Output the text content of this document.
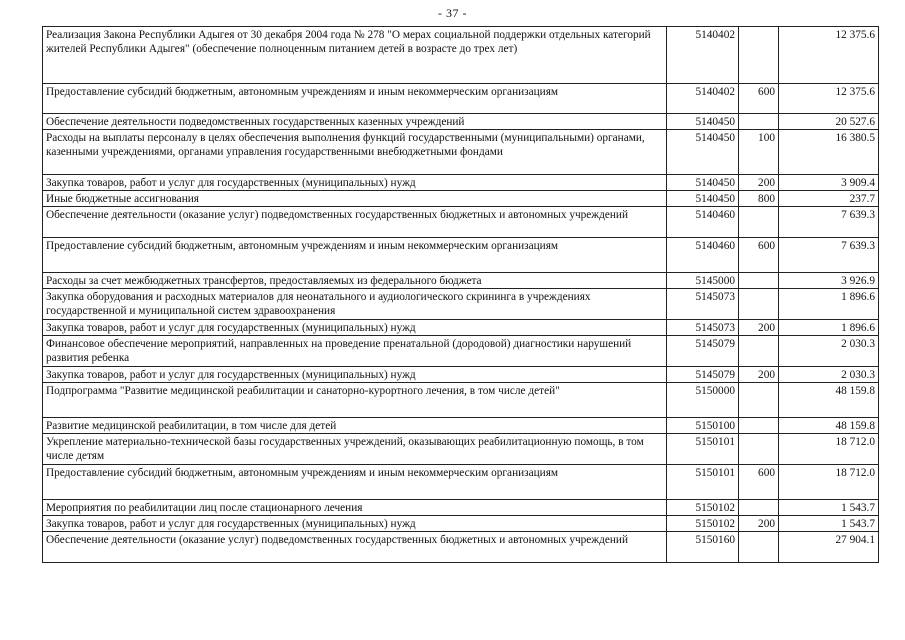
- 37 -
Реализация Закона Республики Адыгея от 30 декабря 2004 года № 278 "О мерах социальной поддержки отдельных категорий жителей Республики Адыгея" (обеспечение полноценным питанием детей в возрасте до трех лет)	5140402		12 375.6
Предоставление субсидий бюджетным, автономным учреждениям и иным некоммерческим организациям	5140402	600	12 375.6
Обеспечение деятельности подведомственных государственных казенных учреждений	5140450		20 527.6
Расходы на выплаты персоналу в целях обеспечения выполнения функций государственными (муниципальными) органами, казенными учреждениями, органами управления государственными внебюджетными фондами	5140450	100	16 380.5
Закупка товаров, работ и услуг для государственных (муниципальных) нужд	5140450	200	3 909.4
Иные бюджетные ассигнования	5140450	800	237.7
Обеспечение деятельности (оказание услуг) подведомственных государственных бюджетных и автономных учреждений	5140460		7 639.3
Предоставление субсидий бюджетным, автономным учреждениям и иным некоммерческим организациям	5140460	600	7 639.3
Расходы за счет межбюджетных трансфертов, предоставляемых из федерального бюджета	5145000		3 926.9
Закупка оборудования и расходных материалов для неонатального и аудиологического скрининга в учреждениях государственной и муниципальной систем здравоохранения	5145073		1 896.6
Закупка товаров, работ и услуг для государственных (муниципальных) нужд	5145073	200	1 896.6
Финансовое обеспечение мероприятий, направленных на проведение пренатальной (дородовой) диагностики нарушений развития ребенка	5145079		2 030.3
Закупка товаров, работ и услуг для государственных (муниципальных) нужд	5145079	200	2 030.3
Подпрограмма "Развитие медицинской реабилитации и санаторно-курортного лечения, в том числе детей"	5150000		48 159.8
Развитие медицинской реабилитации, в том числе для детей	5150100		48 159.8
Укрепление материально-технической базы государственных учреждений, оказывающих реабилитационную помощь, в том числе детям	5150101		18 712.0
Предоставление субсидий бюджетным, автономным учреждениям и иным некоммерческим организациям	5150101	600	18 712.0
Мероприятия по реабилитации лиц после стационарного лечения	5150102		1 543.7
Закупка товаров, работ и услуг для государственных (муниципальных) нужд	5150102	200	1 543.7
Обеспечение деятельности (оказание услуг) подведомственных государственных бюджетных и автономных учреждений	5150160		27 904.1
